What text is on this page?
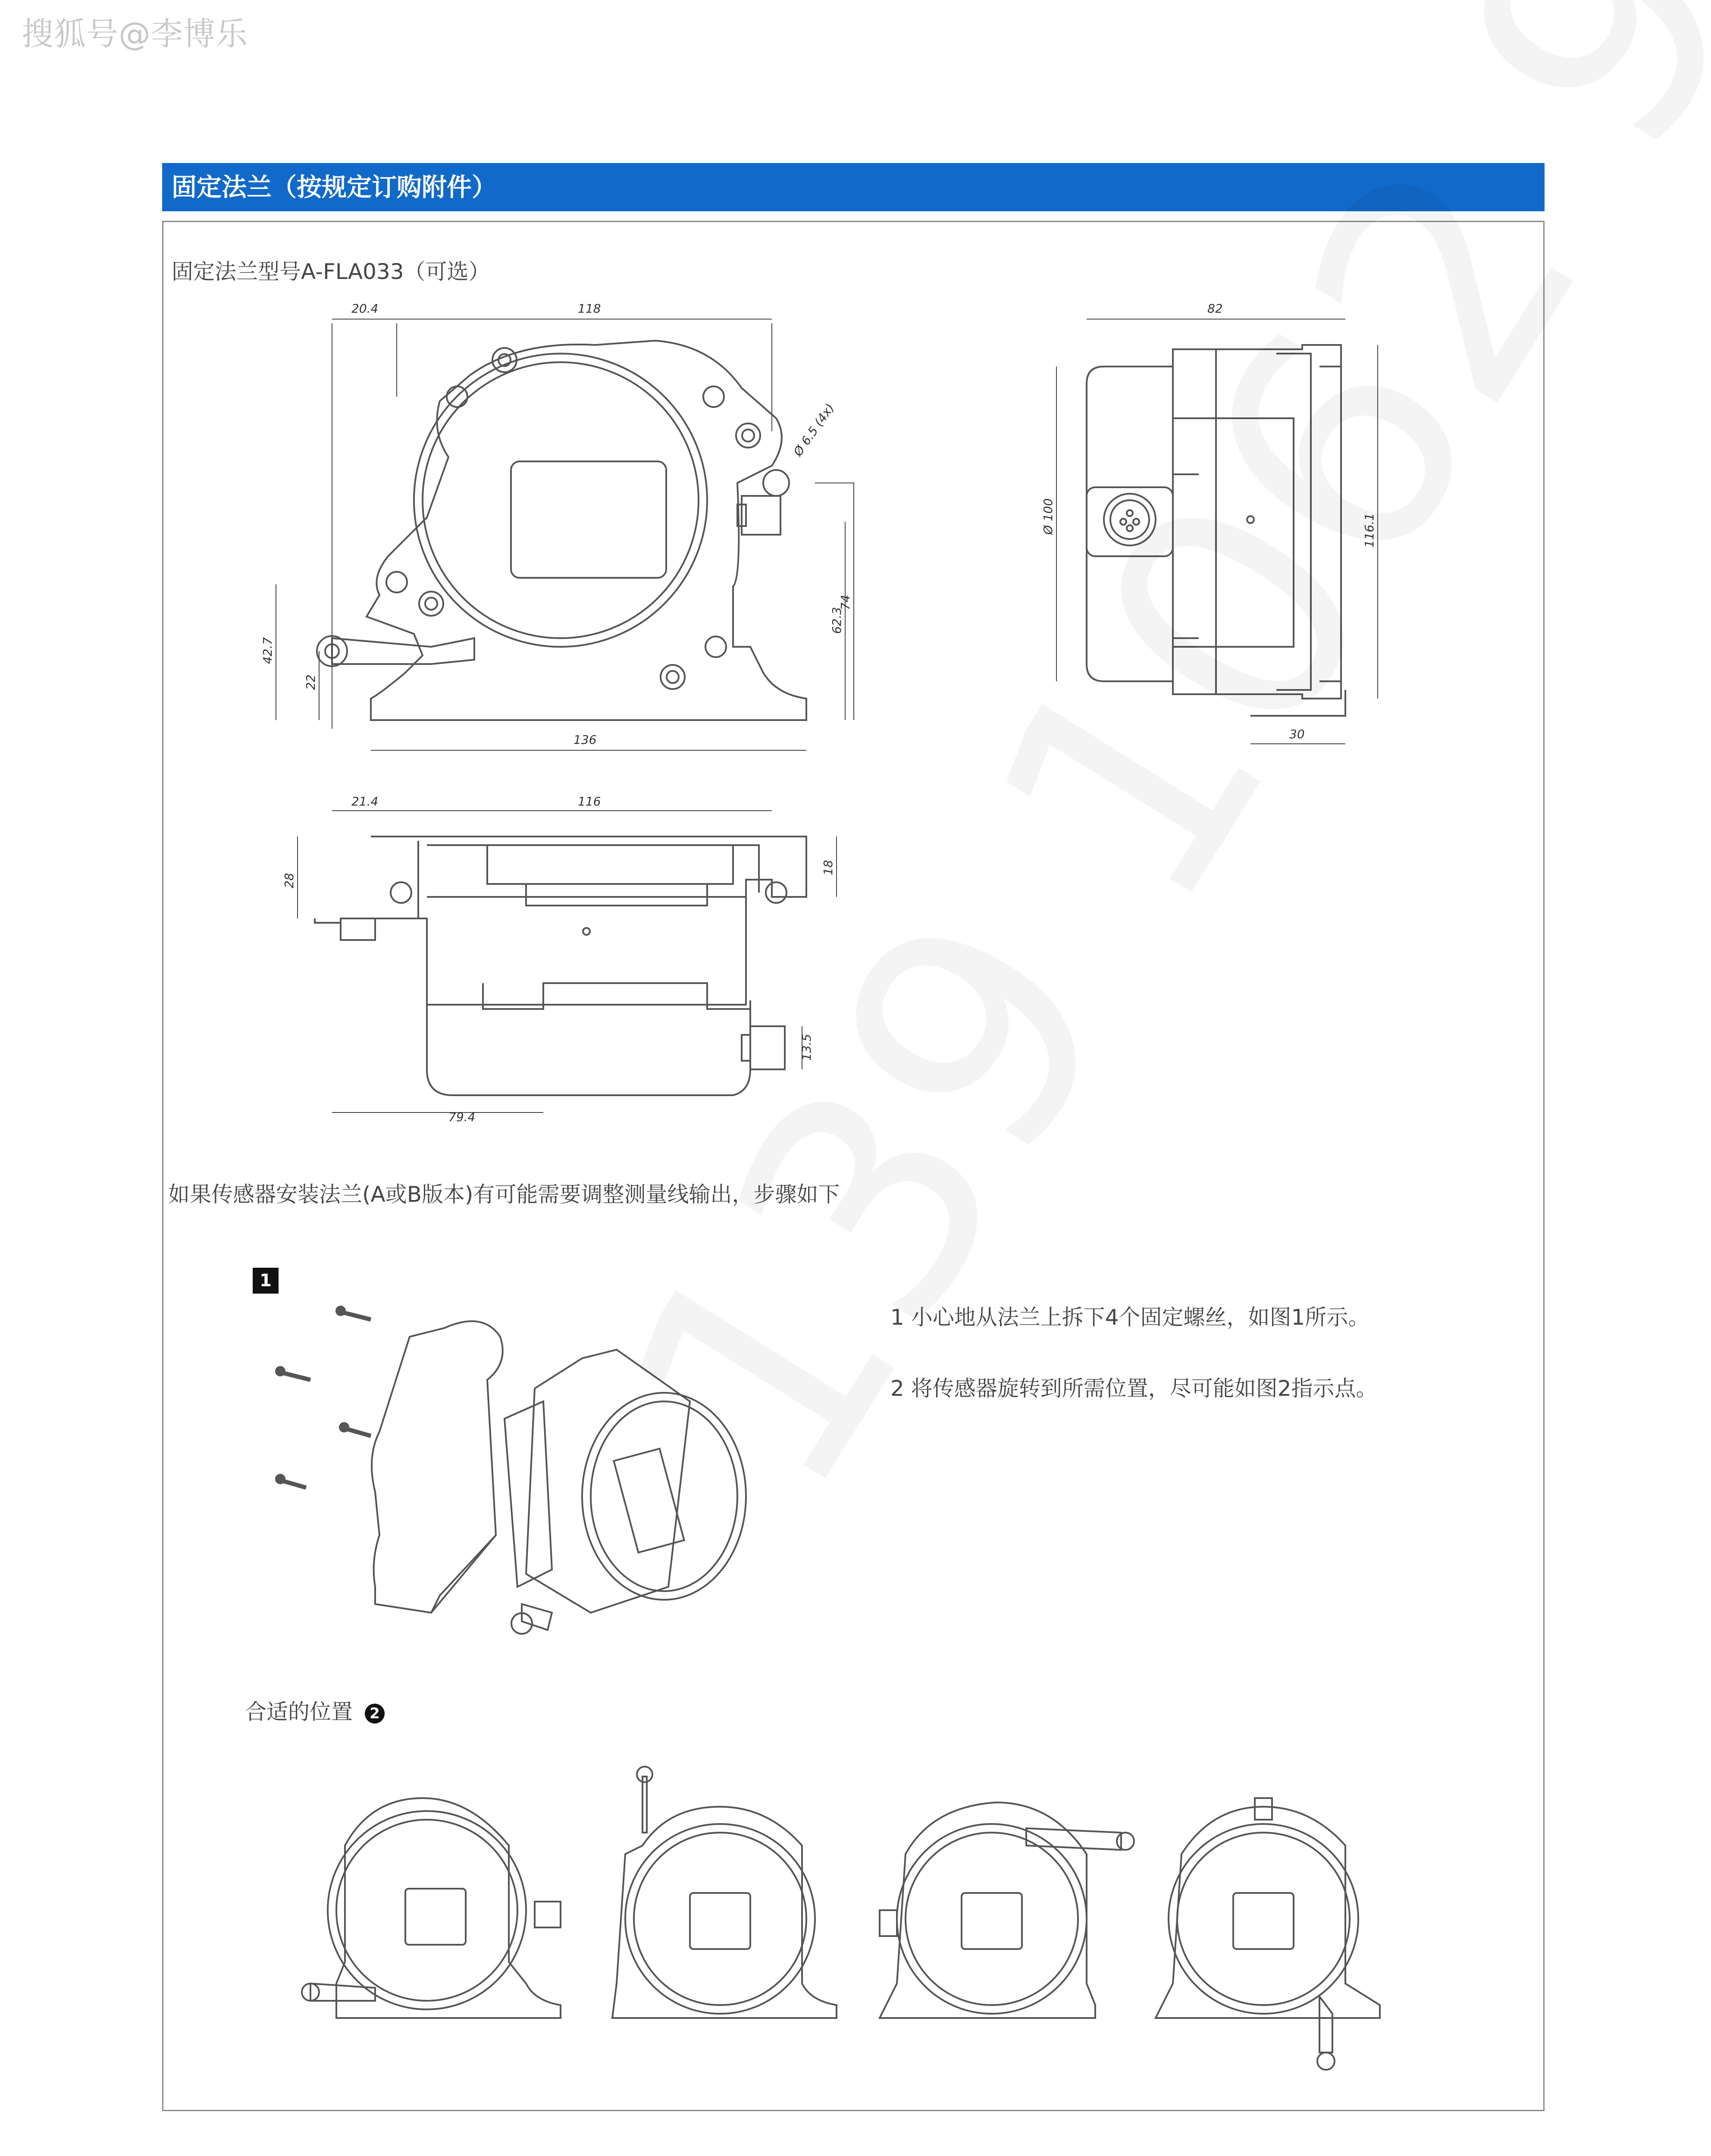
搜狐号@李博乐
固定法兰（按规定订购附件）
固定法兰型号A-FLA033（可选）
20.4	118	82
136	30
21.4	116
79.4
Ø 6.5 (4x)
Ø 100	116.1
42.7
22
62.3
74
28
18
13.5
如果传感器安装法兰(A或B版本)有可能需要调整测量线输出，步骤如下
1
1 小心地从法兰上拆下4个固定螺丝，如图1所示。
2 将传感器旋转到所需位置，尽可能如图2指示点。
合适的位置 2
